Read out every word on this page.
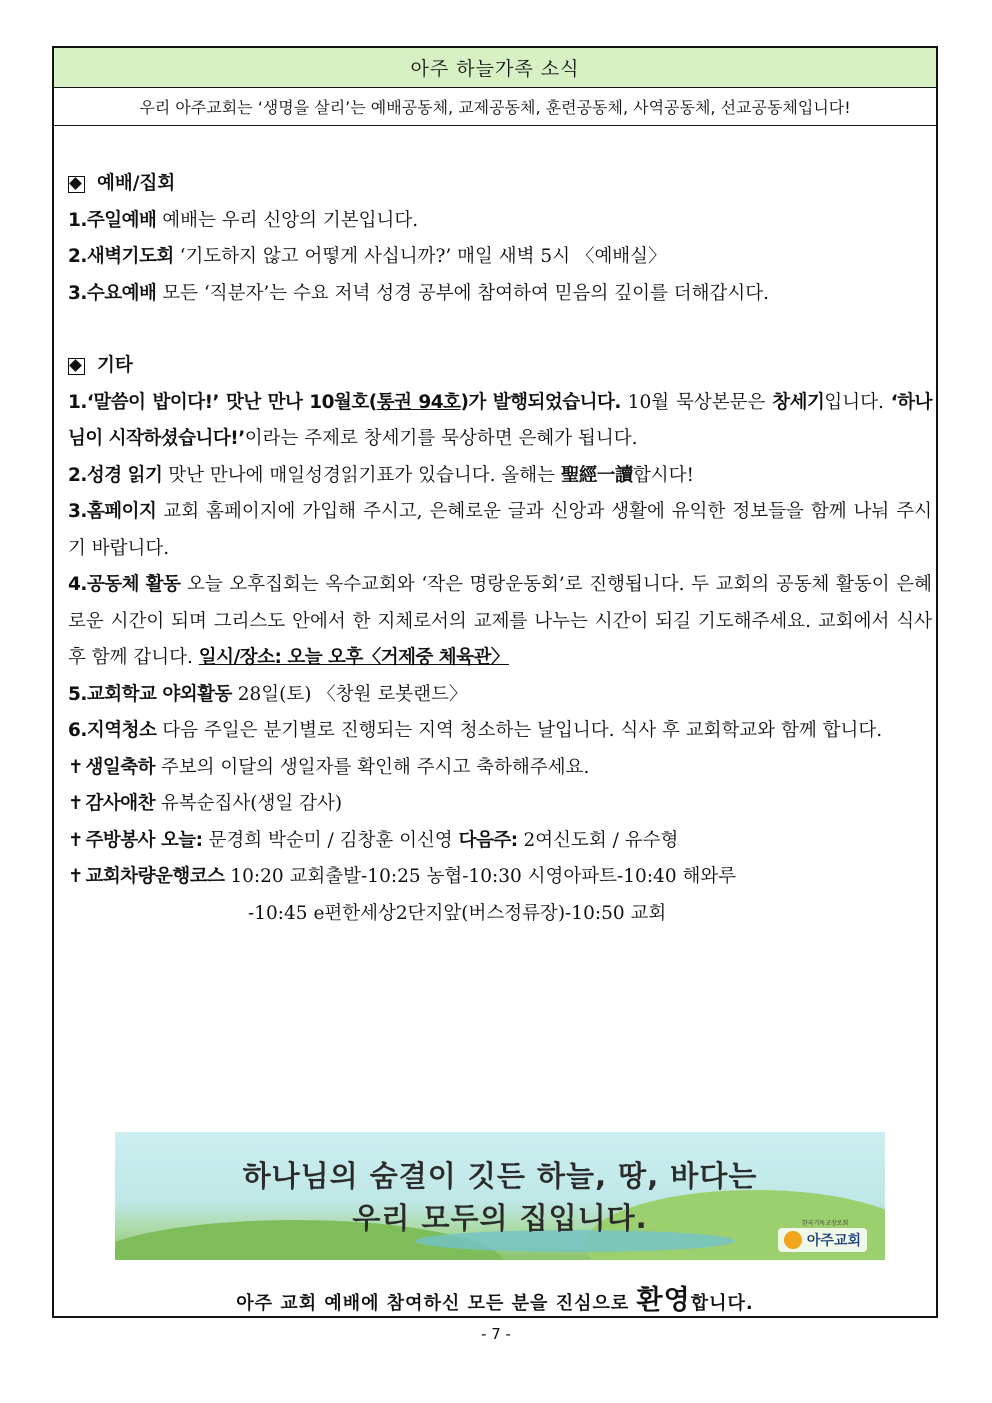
아주 하늘가족 소식
우리 아주교회는 ‘생명을 살리’는 예배공동체, 교제공동체, 훈련공동체, 사역공동체, 선교공동체입니다!
예배/집회
1.주일예배 예배는 우리 신앙의 기본입니다.
2.새벽기도회 ‘기도하지 않고 어떻게 사십니까?’ 매일 새벽 5시 〈예배실〉
3.수요예배 모든 ‘직분자’는 수요 저녁 성경 공부에 참여하여 믿음의 깊이를 더해갑시다.
기타
1.‘말씀이 밥이다!’ 맛난 만나 10월호(통권 94호)가 발행되었습니다. 10월 묵상본문은 창세기입니다. ‘하나님이 시작하셨습니다!’이라는 주제로 창세기를 묵상하면 은혜가 됩니다.
2.성경 읽기 맛난 만나에 매일성경읽기표가 있습니다. 올해는 聖經一讀합시다!
3.홈페이지 교회 홈페이지에 가입해 주시고, 은혜로운 글과 신앙과 생활에 유익한 정보들을 함께 나눠 주시기 바랍니다.
4.공동체 활동 오늘 오후집회는 옥수교회와 ‘작은 명랑운동회’로 진행됩니다. 두 교회의 공동체 활동이 은혜로운 시간이 되며 그리스도 안에서 한 지체로서의 교제를 나누는 시간이 되길 기도해주세요. 교회에서 식사 후 함께 갑니다. 일시/장소: 오늘 오후〈거제중 체육관〉
5.교회학교 야외활동 28일(토) 〈창원 로봇랜드〉
6.지역청소 다음 주일은 분기별로 진행되는 지역 청소하는 날입니다. 식사 후 교회학교와 함께 합니다.
✝ 생일축하 주보의 이달의 생일자를 확인해 주시고 축하해주세요.
✝ 감사애찬 유복순집사(생일 감사)
✝ 주방봉사 오늘: 문경희 박순미 / 김창훈 이신영 다음주: 2여신도회 / 유수형
✝ 교회차량운행코스 10:20 교회출발-10:25 농협-10:30 시영아파트-10:40 해와루
-10:45 e편한세상2단지앞(버스정류장)-10:50 교회
하나님의 숨결이 깃든 하늘, 땅, 바다는
우리 모두의 집입니다.	한국기독교장로회
아주교회
아주 교회 예배에 참여하신 모든 분을 진심으로 환영합니다.
- 7 -
